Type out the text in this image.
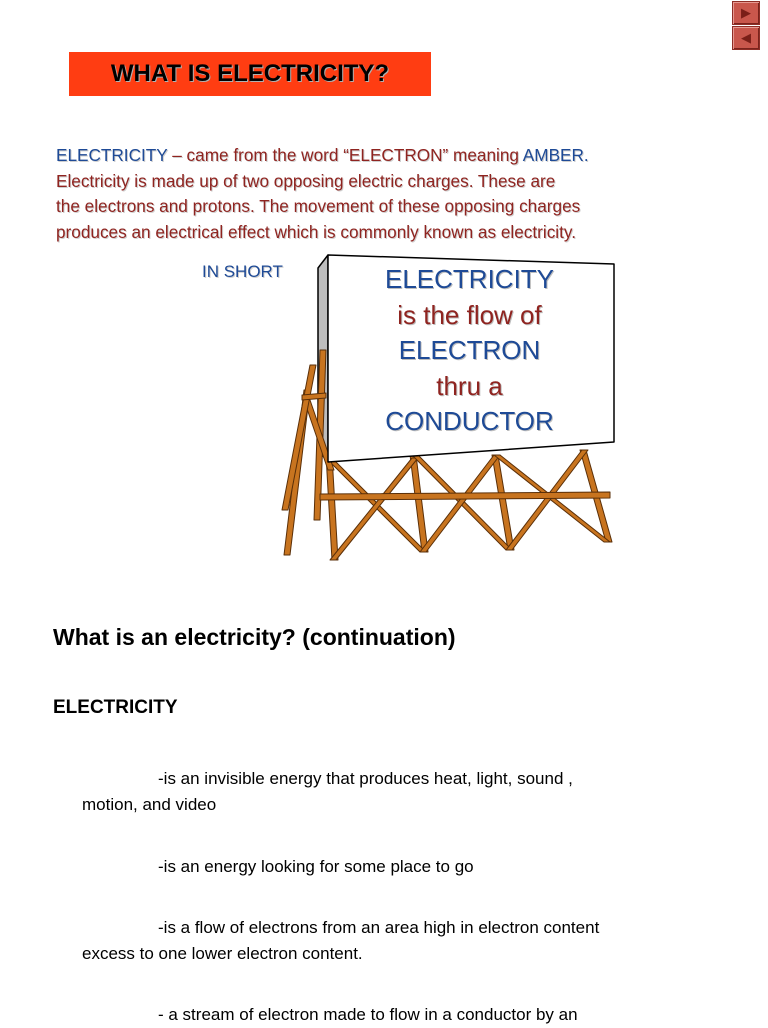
▶
◀
WHAT IS ELECTRICITY?
ELECTRICITY – came from the word “ELECTRON” meaning AMBER.
Electricity is made up of two opposing electric charges. These are
the electrons and protons. The movement of these opposing charges
produces an electrical effect which is commonly known as electricity.
IN SHORT	ELECTRICITY
is the flow of
ELECTRON
thru a
CONDUCTOR
What is an electricity? (continuation)
ELECTRICITY
-is an invisible energy that produces heat, light, sound ,
motion, and video
-is an energy looking for some place to go
-is a flow of electrons from an area high in electron content
excess to one lower electron content.
- a stream of electron made to flow in a conductor by an
